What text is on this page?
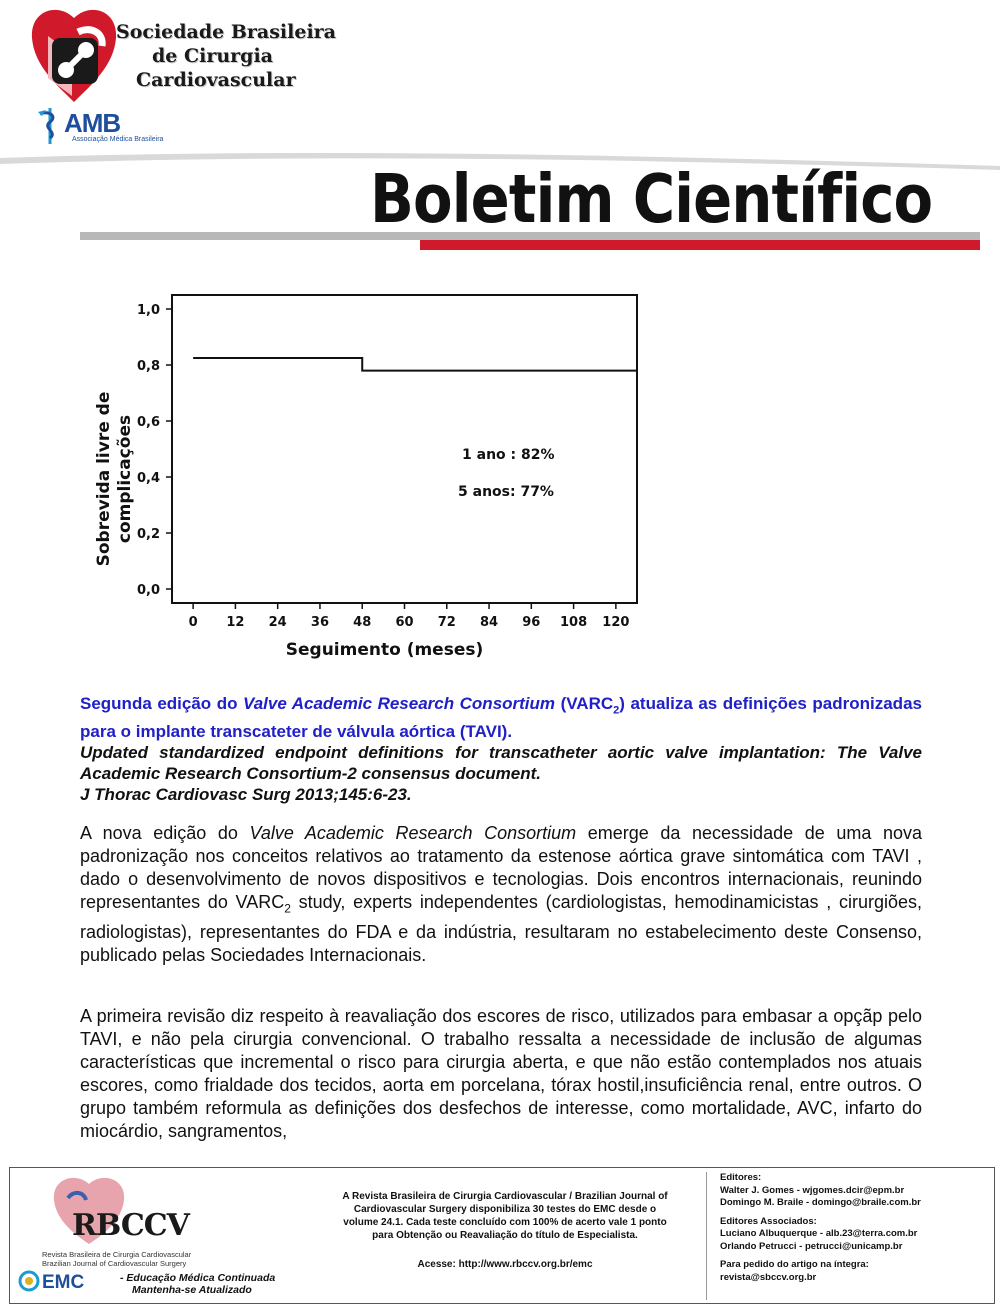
Sociedade Brasileira
de Cirurgia
Cardiovascular
AMB
Associação Médica Brasileira
Boletim Científico
0,0
0,2
0,4
0,6
0,8
1,0
0 12 24 36 48 60 72 84 96 108 120
Seguimento (meses)
Sobrevida livre de complicações	1 ano : 82%
5 anos: 77%
Segunda edição do Valve Academic Research Consortium $(VARC_2)$ atualiza as definições padronizadas para o implante transcateter de válvula aórtica (TAVI).
Updated standardized endpoint definitions for transcatheter aortic valve implantation: The Valve Academic Research Consortium-2 consensus document.
J Thorac Cardiovasc Surg 2013;145:6-23.
A nova edição do Valve Academic Research Consortium emerge da necessidade de uma nova padronização nos conceitos relativos ao tratamento da estenose aórtica grave sintomática com TAVI , dado o desenvolvimento de novos dispositivos e tecnologias. Dois encontros internacionais, reunindo representantes do $VARC_2$ study, experts independentes (cardiologistas, hemodinamicistas , cirurgiões, radiologistas), representantes do FDA e da indústria, resultaram no estabelecimento deste Consenso, publicado pelas Sociedades Internacionais.
A primeira revisão diz respeito à reavaliação dos escores de risco, utilizados para embasar a opçãp pelo TAVI, e não pela cirurgia convencional. O trabalho ressalta a necessidade de inclusão de algumas características que incremental o risco para cirurgia aberta, e que não estão contemplados nos atuais escores, como frialdade dos tecidos, aorta em porcelana, tórax hostil,insuficiência renal, entre outros. O grupo também reformula as definições dos desfechos de interesse, como mortalidade, AVC, infarto do miocárdio, sangramentos,
RBCCV
Revista Brasileira de Cirurgia Cardiovascular
Brazilian Journal of Cardiovascular Surgery
EMC	- Educação Médica Continuada
Mantenha-se Atualizado
A Revista Brasileira de Cirurgia Cardiovascular / Brazilian Journal of Cardiovascular Surgery disponibiliza 30 testes do EMC desde o volume 24.1. Cada teste concluído com 100% de acerto vale 1 ponto para Obtenção ou Reavaliação do título de Especialista.
Acesse: http://www.rbccv.org.br/emc
Editores:
Walter J. Gomes - wjgomes.dcir@epm.br
Domingo M. Braile - domingo@braile.com.br
Editores Associados:
Luciano Albuquerque - alb.23@terra.com.br
Orlando Petrucci - petrucci@unicamp.br
Para pedido do artigo na íntegra:
revista@sbccv.org.br
